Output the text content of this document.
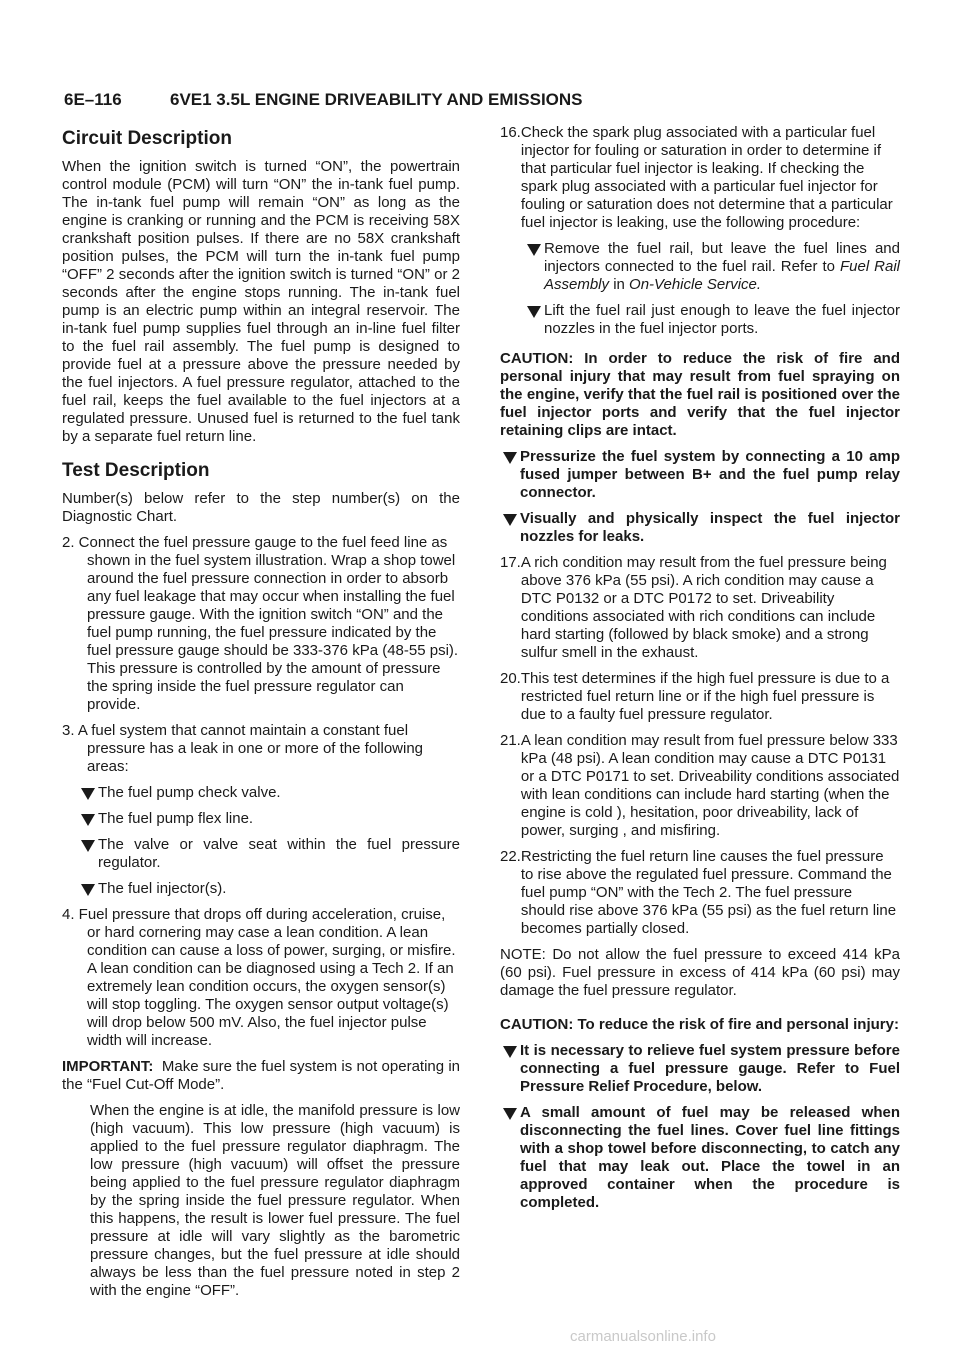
6E–116	6VE1 3.5L ENGINE DRIVEABILITY AND EMISSIONS
Circuit Description

When the ignition switch is turned “ON”, the powertrain control module (PCM) will turn “ON” the in-tank fuel pump. The in-tank fuel pump will remain “ON” as long as the engine is cranking or running and the PCM is receiving 58X crankshaft position pulses. If there are no 58X crankshaft position pulses, the PCM will turn the in-tank fuel pump “OFF” 2 seconds after the ignition switch is turned “ON” or 2 seconds after the engine stops running. The in-tank fuel pump is an electric pump within an integral reservoir. The in-tank fuel pump supplies fuel through an in-line fuel filter to the fuel rail assembly. The fuel pump is designed to provide fuel at a pressure above the pressure needed by the fuel injectors. A fuel pressure regulator, attached to the fuel rail, keeps the fuel available to the fuel injectors at a regulated pressure. Unused fuel is returned to the fuel tank by a separate fuel return line.

Test Description

Number(s) below refer to the step number(s) on the Diagnostic Chart.

2. Connect the fuel pressure gauge to the fuel feed line as shown in the fuel system illustration. Wrap a shop towel around the fuel pressure connection in order to absorb any fuel leakage that may occur when installing the fuel pressure gauge. With the ignition switch “ON” and the fuel pump running, the fuel pressure indicated by the fuel pressure gauge should be 333-376 kPa (48-55 psi). This pressure is controlled by the amount of pressure the spring inside the fuel pressure regulator can provide.

3. A fuel system that cannot maintain a constant fuel pressure has a leak in one or more of the following areas:

The fuel pump check valve.
The fuel pump flex line.
The valve or valve seat within the fuel pressure regulator.
The fuel injector(s).

4. Fuel pressure that drops off during acceleration, cruise, or hard cornering may case a lean condition. A lean condition can cause a loss of power, surging, or misfire. A lean condition can be diagnosed using a Tech 2. If an extremely lean condition occurs, the oxygen sensor(s) will stop toggling. The oxygen sensor output voltage(s) will drop below 500 mV. Also, the fuel injector pulse width will increase.

IMPORTANT: Make sure the fuel system is not operating in the “Fuel Cut-Off Mode”.

When the engine is at idle, the manifold pressure is low (high vacuum). This low pressure (high vacuum) is applied to the fuel pressure regulator diaphragm. The low pressure (high vacuum) will offset the pressure being applied to the fuel pressure regulator diaphragm by the spring inside the fuel pressure regulator. When this happens, the result is lower fuel pressure. The fuel pressure at idle will vary slightly as the barometric pressure changes, but the fuel pressure at idle should always be less than the fuel pressure noted in step 2 with the engine “OFF”.

16. Check the spark plug associated with a particular fuel injector for fouling or saturation in order to determine if that particular fuel injector is leaking. If checking the spark plug associated with a particular fuel injector for fouling or saturation does not determine that a particular fuel injector is leaking, use the following procedure:
Remove the fuel rail, but leave the fuel lines and injectors connected to the fuel rail. Refer to Fuel Rail Assembly in On-Vehicle Service.
Lift the fuel rail just enough to leave the fuel injector nozzles in the fuel injector ports.

CAUTION: In order to reduce the risk of fire and personal injury that may result from fuel spraying on the engine, verify that the fuel rail is positioned over the fuel injector ports and verify that the fuel injector retaining clips are intact.

Pressurize the fuel system by connecting a 10 amp fused jumper between B+ and the fuel pump relay connector.
Visually and physically inspect the fuel injector nozzles for leaks.
17. A rich condition may result from the fuel pressure being above 376 kPa (55 psi). A rich condition may cause a DTC P0132 or a DTC P0172 to set. Driveability conditions associated with rich conditions can include hard starting (followed by black smoke) and a strong sulfur smell in the exhaust.
20. This test determines if the high fuel pressure is due to a restricted fuel return line or if the high fuel pressure is due to a faulty fuel pressure regulator.
21. A lean condition may result from fuel pressure below 333 kPa (48 psi). A lean condition may cause a DTC P0131 or a DTC P0171 to set. Driveability conditions associated with lean conditions can include hard starting (when the engine is cold ), hesitation, poor driveability, lack of power, surging , and misfiring.
22. Restricting the fuel return line causes the fuel pressure to rise above the regulated fuel pressure. Command the fuel pump “ON” with the Tech 2. The fuel pressure should rise above 376 kPa (55 psi) as the fuel return line becomes partially closed.

NOTE: Do not allow the fuel pressure to exceed 414 kPa (60 psi). Fuel pressure in excess of 414 kPa (60 psi) may damage the fuel pressure regulator.

CAUTION: To reduce the risk of fire and personal injury:

It is necessary to relieve fuel system pressure before connecting a fuel pressure gauge. Refer to Fuel Pressure Relief Procedure, below.
A small amount of fuel may be released when disconnecting the fuel lines. Cover fuel line fittings with a shop towel before disconnecting, to catch any fuel that may leak out. Place the towel in an approved container when the procedure is completed.
carmanualsonline.info
